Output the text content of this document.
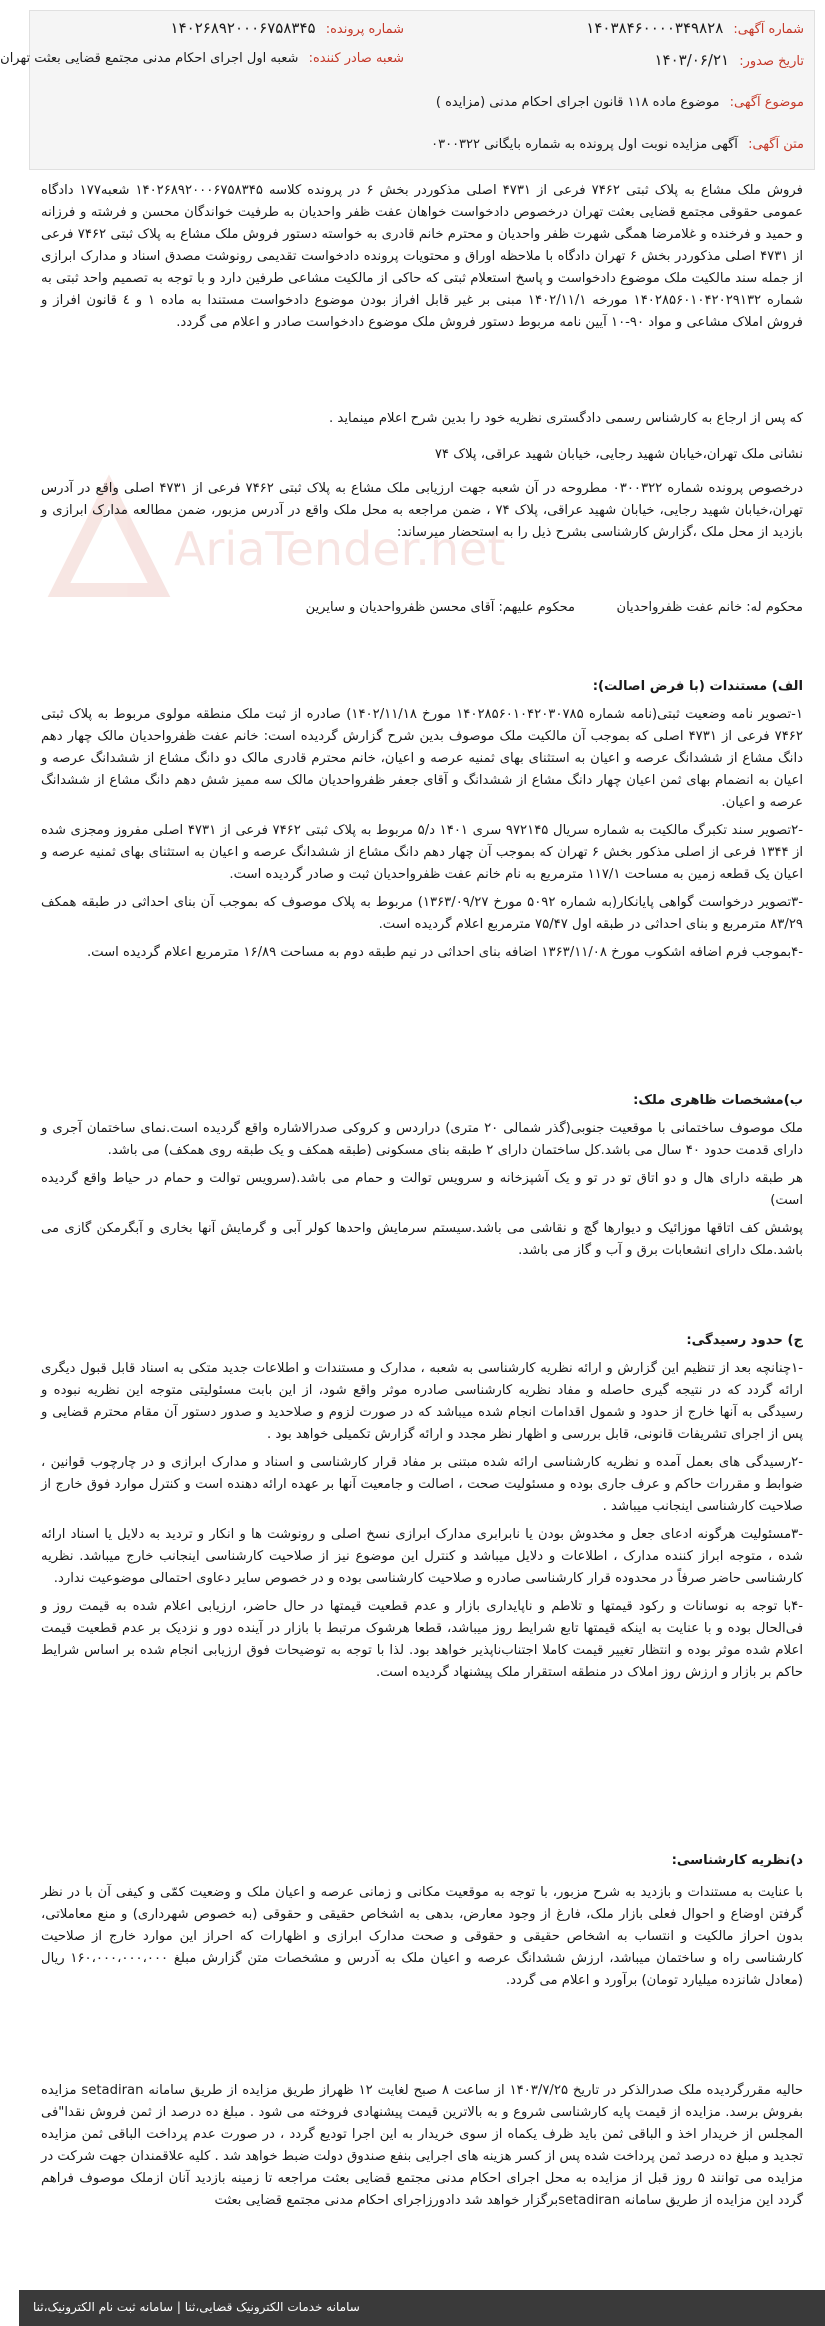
شماره آگهی: ۱۴۰۳۸۴۶۰۰۰۰۳۴۹۸۲۸
شماره پرونده: ۱۴۰۲۶۸۹۲۰۰۰۶۷۵۸۳۴۵
تاریخ صدور: ۱۴۰۳/۰۶/۲۱
شعبه صادر کننده: شعبه اول اجرای احکام مدنی مجتمع قضایی بعثت تهران
موضوع آگهی: موضوع ماده ۱۱۸ قانون اجرای احکام مدنی (مزایده )
متن آگهی: آگهی مزایده نوبت اول پرونده به شماره بایگانی ۰۳۰۰۳۲۲
AriaTender.net
فروش ملک مشاع به پلاک ثبتی ۷۴۶۲ فرعی از ۴۷۳۱ اصلی مذکوردر بخش ۶ در پرونده کلاسه ۱۴۰۲۶۸۹۲۰۰۰۶۷۵۸۳۴۵ شعبه۱۷۷ دادگاه عمومی حقوقی مجتمع قضایی بعثت تهران درخصوص دادخواست خواهان عفت ظفر واحدیان به طرفیت خواندگان محسن و فرشته و فرزانه و حمید و فرخنده و غلامرضا همگی شهرت ظفر واحدیان و محترم خانم قادری به خواسته دستور فروش ملک مشاع به پلاک ثبتی ۷۴۶۲ فرعی از ۴۷۳۱ اصلی مذکوردر بخش ۶ تهران دادگاه با ملاحظه اوراق و محتویات پرونده دادخواست تقدیمی رونوشت مصدق اسناد و مدارک ابرازی از جمله سند مالکیت ملک موضوع دادخواست و پاسخ استعلام ثبتی که حاکی از مالکیت مشاعی طرفین دارد و با توجه به تصمیم واحد ثبتی به شماره ۱۴۰۲۸۵۶۰۱۰۴۲۰۲۹۱۳۲ مورخه ۱۴۰۲/۱۱/۱ مبنی بر غیر قابل افراز بودن موضوع دادخواست مستندا به ماده ۱ و ٤ قانون افراز و فروش املاک مشاعی و مواد ۹۰-۱۰ آیین نامه مربوط دستور فروش ملک موضوع دادخواست صادر و اعلام می گردد.
که پس از ارجاع به کارشناس رسمی دادگستری نظریه خود را بدین شرح اعلام مینماید .
نشانی ملک تهران،خیابان شهید رجایی، خیابان شهید عراقی، پلاک ۷۴
درخصوص پرونده شماره ۰۳۰۰۳۲۲ مطروحه در آن شعبه جهت ارزیابی ملک مشاع به پلاک ثبتی ۷۴۶۲ فرعی از ۴۷۳۱ اصلی واقع در آدرس تهران،خیابان شهید رجایی، خیابان شهید عراقی، پلاک ۷۴ ، ضمن مراجعه به محل ملک واقع در آدرس مزبور، ضمن مطالعه مدارک ابرازی و بازدید از محل ملک ،گزارش کارشناسی بشرح ذیل را به استحضار میرساند:
محکوم له: خانم عفت ظفرواحدیان
محکوم علیهم: آقای محسن ظفرواحدیان و سایرین
الف) مستندات (با فرض اصالت):
۱-تصویر نامه وضعیت ثبتی(نامه شماره ۱۴۰۲۸۵۶۰۱۰۴۲۰۳۰۷۸۵ مورخ ۱۴۰۲/۱۱/۱۸) صادره از ثبت ملک منطقه مولوی مربوط به پلاک ثبتی ۷۴۶۲ فرعی از ۴۷۳۱ اصلی که بموجب آن مالکیت ملک موصوف بدین شرح گزارش گردیده است: خانم عفت ظفرواحدیان مالک چهار دهم دانگ مشاع از ششدانگ عرصه و اعیان به استثنای بهای ثمنیه عرصه و اعیان، خانم محترم قادری مالک دو دانگ مشاع از ششدانگ عرصه و اعیان به انضمام بهای ثمن اعیان چهار دانگ مشاع از ششدانگ و آقای جعفر ظفرواحدیان مالک سه ممیز شش دهم دانگ مشاع از ششدانگ عرصه و اعیان.
-۲تصویر سند تکبرگ مالکیت به شماره سریال ۹۷۲۱۴۵ سری ۱۴۰۱ د/۵ مربوط به پلاک ثبتی ۷۴۶۲ فرعی از ۴۷۳۱ اصلی مفروز ومجزی شده از ۱۳۴۴ فرعی از اصلی مذکور بخش ۶ تهران که بموجب آن چهار دهم دانگ مشاع از ششدانگ عرصه و اعیان به استثنای بهای ثمنیه عرصه و اعیان یک قطعه زمین به مساحت ۱۱۷/۱ مترمربع به نام خانم عفت ظفرواحدیان ثبت و صادر گردیده است.
-۳تصویر درخواست گواهی پایانکار(به شماره ۵۰۹۲ مورخ ۱۳۶۳/۰۹/۲۷) مربوط به پلاک موصوف که بموجب آن بنای احداثی در طبقه همکف ۸۳/۲۹ مترمربع و بنای احداثی در طبقه اول ۷۵/۴۷ مترمربع اعلام گردیده است.
-۴بموجب فرم اضافه اشکوب مورخ ۱۳۶۳/۱۱/۰۸ اضافه بنای احداثی در نیم طبقه دوم به مساحت ۱۶/۸۹ مترمربع اعلام گردیده است.
ب)مشخصات ظاهری ملک:
ملک موصوف ساختمانی با موقعیت جنوبی(گذر شمالی ۲۰ متری) دراردس و کروکی صدرالاشاره واقع گردیده است.نمای ساختمان آجری و دارای قدمت حدود ۴۰ سال می باشد.کل ساختمان دارای ۲ طبقه بنای مسکونی (طبقه همکف و یک طبقه روی همکف) می باشد.
هر طبقه دارای هال و دو اتاق تو در تو و یک آشپزخانه و سرویس توالت و حمام می باشد.(سرویس توالت و حمام در حیاط واقع گردیده است)
پوشش کف اتاقها موزائیک و دیوارها گچ و نقاشی می باشد.سیستم سرمایش واحدها کولر آبی و گرمایش آنها بخاری و آبگرمکن گازی می باشد.ملک دارای انشعابات برق و آب و گاز می باشد.
ج) حدود رسیدگی:
-۱چنانچه بعد از تنظیم این گزارش و ارائه نظریه کارشناسی به شعبه ، مدارک و مستندات و اطلاعات جدید متکی به اسناد قابل قبول دیگری ارائه گردد که در نتیجه گیری حاصله و مفاد نظریه کارشناسی صادره موثر واقع شود، از این بابت مسئولیتی متوجه این نظریه نبوده و رسیدگی به آنها خارج از حدود و شمول اقدامات انجام شده میباشد که در صورت لزوم و صلاحدید و صدور دستور آن مقام محترم قضایی و پس از اجرای تشریفات قانونی، قابل بررسی و اظهار نظر مجدد و ارائه گزارش تکمیلی خواهد بود .
-۲رسیدگی های بعمل آمده و نظریه کارشناسی ارائه شده مبتنی بر مفاد قرار کارشناسی و اسناد و مدارک ابرازی و در چارچوب قوانین ، ضوابط و مقررات حاکم و عرف جاری بوده و مسئولیت صحت ، اصالت و جامعیت آنها بر عهده ارائه دهنده است و کنترل موارد فوق خارج از صلاحیت کارشناسی اینجانب میباشد .
-۳مسئولیت هرگونه ادعای جعل و مخدوش بودن یا نابرابری مدارک ابرازی نسخ اصلی و رونوشت ها و انکار و تردید به دلایل یا اسناد ارائه شده ، متوجه ابراز کننده مدارک ، اطلاعات و دلایل میباشد و کنترل این موضوع نیز از صلاحیت کارشناسی اینجانب خارج میباشد. نظریه کارشناسی حاضر صرفاً در محدوده قرار کارشناسی صادره و صلاحیت کارشناسی بوده و در خصوص سایر دعاوی احتمالی موضوعیت ندارد.
-۴با توجه به نوسانات و رکود قیمتها و تلاطم و ناپایداری بازار و عدم قطعیت قیمتها در حال حاضر، ارزیابی اعلام شده به قیمت روز و فی‌الحال بوده و با عنایت به اینکه قیمتها تابع شرایط روز میباشد، قطعا هرشوک مرتبط با بازار در آینده دور و نزدیک بر عدم قطعیت قیمت اعلام شده موثر بوده و انتظار تغییر قیمت کاملا اجتناب‌ناپذیر خواهد بود. لذا با توجه به توضیحات فوق ارزیابی انجام شده بر اساس شرایط حاکم بر بازار و ارزش روز املاک در منطقه استقرار ملک پیشنهاد گردیده است.
د)نظریه کارشناسی:
با عنایت به مستندات و بازدید به شرح مزبور، با توجه به موقعیت مکانی و زمانی عرصه و اعیان ملک و وضعیت کمّی و کیفی آن با در نظر گرفتن اوضاع و احوال فعلی بازار ملک، فارغ از وجود معارض، بدهی به اشخاص حقیقی و حقوقی (به خصوص شهرداری) و منع معاملاتی، بدون احراز مالکیت و انتساب به اشخاص حقیقی و حقوقی و صحت مدارک ابرازی و اظهارات که احراز این موارد خارج از صلاحیت کارشناسی راه و ساختمان میباشد، ارزش ششدانگ عرصه و اعیان ملک به آدرس و مشخصات متن گزارش مبلغ ۱۶۰،۰۰۰،۰۰۰،۰۰۰ ریال (معادل شانزده میلیارد تومان) برآورد و اعلام می گردد.
حالیه مقررگردیده ملک صدرالذکر در تاریخ ۱۴۰۳/۷/۲۵ از ساعت ۸ صبح لغایت ۱۲ ظهراز طریق مزایده از طریق سامانه setadiran مزایده بفروش برسد. مزایده از قیمت پایه کارشناسی شروع و به بالاترین قیمت پیشنهادی فروخته می شود . مبلغ ده درصد از ثمن فروش نقدا"فی المجلس از خریدار اخذ و الباقی ثمن باید ظرف یکماه از سوی خریدار به این اجرا تودیع گردد ، در صورت عدم پرداخت الباقی ثمن مزایده تجدید و مبلغ ده درصد ثمن پرداخت شده پس از کسر هزینه های اجرایی بنفع صندوق دولت ضبط خواهد شد . کلیه علاقمندان جهت شرکت در مزایده می توانند ۵ روز قبل از مزایده به محل اجرای احکام مدنی مجتمع قضایی بعثت مراجعه تا زمینه بازدید آنان ازملک موصوف فراهم گردد این مزایده از طریق سامانه setadiranبرگزار خواهد شد دادورزاجرای احکام مدنی مجتمع قضایی بعثت
سامانه خدمات الکترونیک قضایی،ثنا | سامانه ثبت نام الکترونیک،ثنا
